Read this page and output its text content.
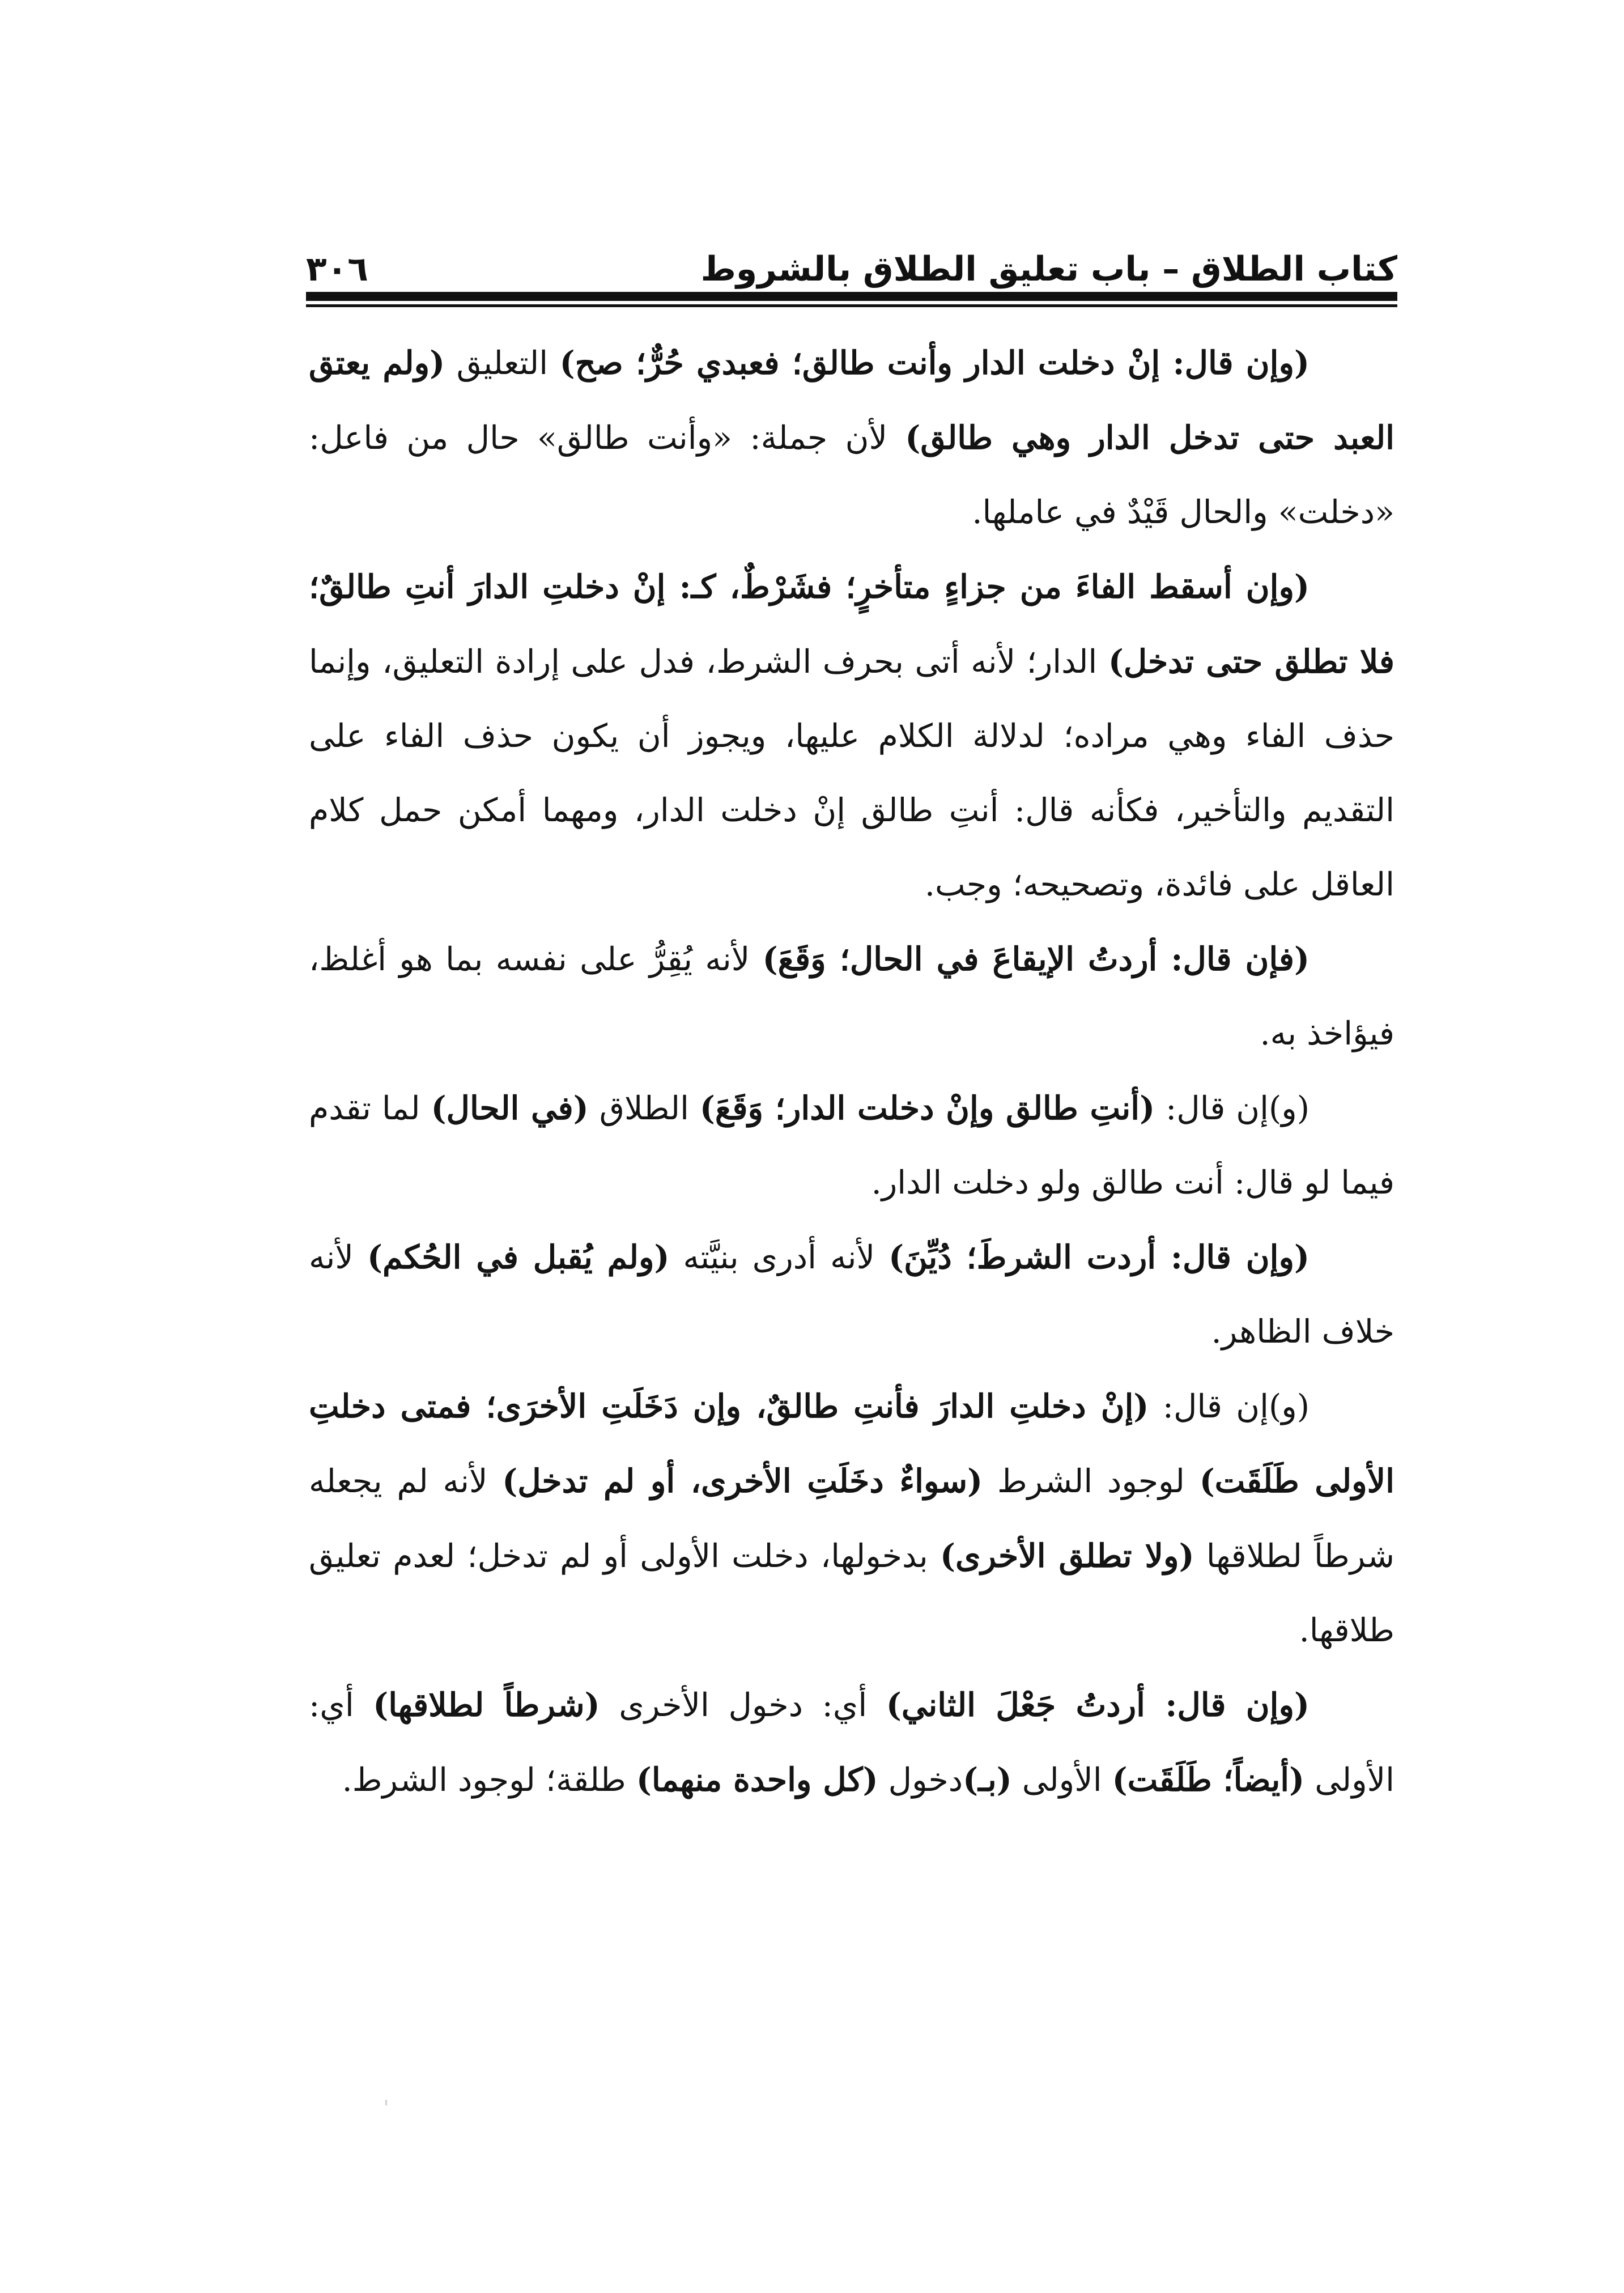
كتاب الطلاق – باب تعليق الطلاق بالشروط
٣٠٦

(وإن قال: إنْ دخلت الدار وأنت طالق؛ فعبدي حُرٌّ؛ صح) التعليق (ولم يعتق العبد حتى تدخل الدار وهي طالق) لأن جملة: «وأنت طالق» حال من فاعل: «دخلت» والحال قَيْدٌ في عاملها.

(وإن أسقط الفاءَ من جزاءٍ متأخرٍ؛ فشَرْطٌ، كـ: إنْ دخلتِ الدارَ أنتِ طالقٌ؛ فلا تطلق حتى تدخل) الدار؛ لأنه أتى بحرف الشرط، فدل على إرادة التعليق، وإنما حذف الفاء وهي مراده؛ لدلالة الكلام عليها، ويجوز أن يكون حذف الفاء على التقديم والتأخير، فكأنه قال: أنتِ طالق إنْ دخلت الدار، ومهما أمكن حمل كلام العاقل على فائدة، وتصحيحه؛ وجب.

(فإن قال: أردتُ الإيقاعَ في الحال؛ وَقَعَ) لأنه يُقِرُّ على نفسه بما هو أغلظ، فيؤاخذ به.

(و)إن قال: (أنتِ طالق وإنْ دخلت الدار؛ وَقَعَ) الطلاق (في الحال) لما تقدم فيما لو قال: أنت طالق ولو دخلت الدار.

(وإن قال: أردت الشرطَ؛ دُيِّنَ) لأنه أدرى بنيَّته (ولم يُقبل في الحُكم) لأنه خلاف الظاهر.

(و)إن قال: (إنْ دخلتِ الدارَ فأنتِ طالقٌ، وإن دَخَلَتِ الأخرَى؛ فمتى دخلتِ الأولى طَلَقَت) لوجود الشرط (سواءٌ دخَلَتِ الأخرى، أو لم تدخل) لأنه لم يجعله شرطاً لطلاقها (ولا تطلق الأخرى) بدخولها، دخلت الأولى أو لم تدخل؛ لعدم تعليق طلاقها.

(وإن قال: أردتُ جَعْلَ الثاني) أي: دخول الأخرى (شرطاً لطلاقها) أي: الأولى (أيضاً؛ طَلَقَت) الأولى (بـ)دخول (كل واحدة منهما) طلقة؛ لوجود الشرط.
